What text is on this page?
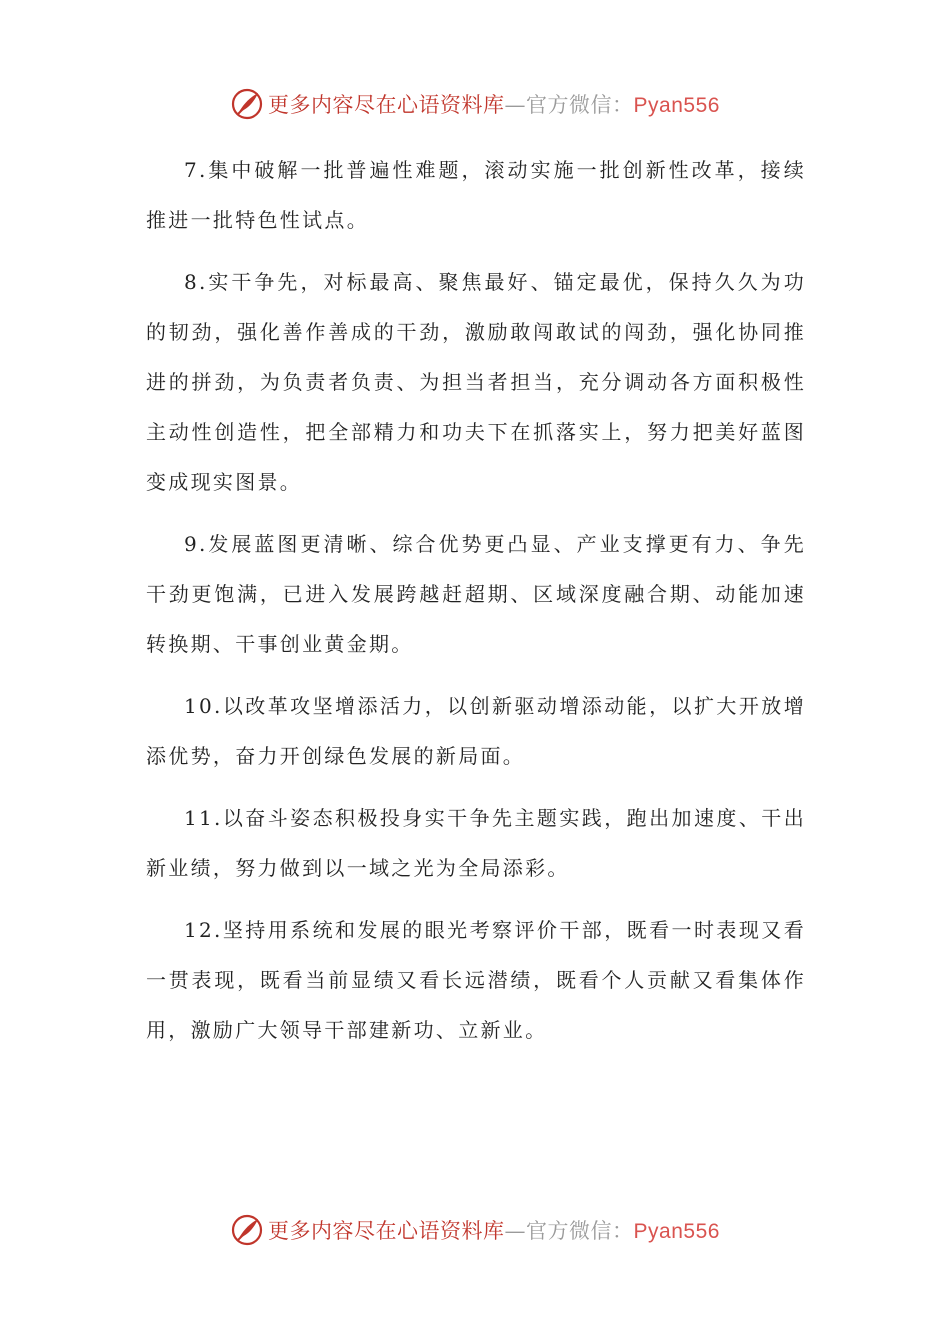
更多内容尽在心语资料库—官方微信：Pyan556

7.集中破解一批普遍性难题，滚动实施一批创新性改革，接续推进一批特色性试点。

8.实干争先，对标最高、聚焦最好、锚定最优，保持久久为功的韧劲，强化善作善成的干劲，激励敢闯敢试的闯劲，强化协同推进的拼劲，为负责者负责、为担当者担当，充分调动各方面积极性主动性创造性，把全部精力和功夫下在抓落实上，努力把美好蓝图变成现实图景。

9.发展蓝图更清晰、综合优势更凸显、产业支撑更有力、争先干劲更饱满，已进入发展跨越赶超期、区域深度融合期、动能加速转换期、干事创业黄金期。

10.以改革攻坚增添活力，以创新驱动增添动能，以扩大开放增添优势，奋力开创绿色发展的新局面。

11.以奋斗姿态积极投身实干争先主题实践，跑出加速度、干出新业绩，努力做到以一域之光为全局添彩。

12.坚持用系统和发展的眼光考察评价干部，既看一时表现又看一贯表现，既看当前显绩又看长远潜绩，既看个人贡献又看集体作用，激励广大领导干部建新功、立新业。

更多内容尽在心语资料库—官方微信：Pyan556
